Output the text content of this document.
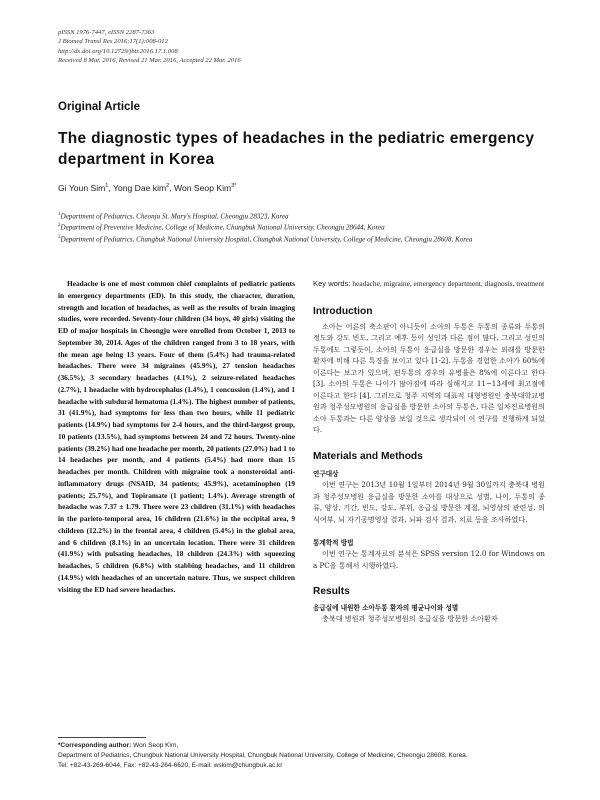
pISSN 1976-7447, eISSN 2287-7363
J Biomed Transl Res 2016;17(1):008-012
http://dx.doi.org/10.12729/jbtr.2016.17.1.008
Received 8 Mar. 2016, Revised 21 Mar. 2016, Accepted 22 Mar. 2016
Original Article
The diagnostic types of headaches in the pediatric emergency department in Korea
Gi Youn Sim$^1$, Yong Dae kim$^2$, Won Seop Kim$^{3*}$
$^1$Department of Pediatrics, Cheonju St. Mary's Hospital, Cheongju 28323, Korea
$^2$Department of Preventive Medicine, College of Medicine, Chungbuk National University, Cheongju 28644, Korea
$^3$Department of Pediatrics, Chungbuk National University Hospital, Chungbuk National University, College of Medicine, Cheongju 28608, Korea
Headache is one of most common chief complaints of pediatric patients in emergency departments (ED). In this study, the character, duration, strength and location of headaches, as well as the results of brain imaging studies, were recorded. Seventy-four children (34 boys, 40 girls) visiting the ED of major hospitals in Cheongju were enrolled from October 1, 2013 to September 30, 2014. Ages of the children ranged from 3 to 18 years, with the mean age being 13 years. Four of them (5.4%) had trauma-related headaches. There were 34 migraines (45.9%), 27 tension headaches (36.5%), 3 secondary headaches (4.1%), 2 seizure-related headaches (2.7%), 1 headache with hydrocephalus (1.4%), 1 concussion (1.4%), and 1 headache with subdural hematoma (1.4%). The highest number of patients, 31 (41.9%), had symptoms for less than two hours, while 11 pediatric patients (14.9%) had symptoms for 2-4 hours, and the third-largest group, 10 patients (13.5%), had symptoms between 24 and 72 hours. Twenty-nine patients (39.2%) had one headache per month, 20 patients (27.0%) had 1 to 14 headaches per month, and 4 patients (5.4%) had more than 15 headaches per month. Children with migraine took a nonsteroidal anti-inflammatory drugs (NSAID, 34 patients; 45.9%), acetaminophen (19 patients; 25.7%), and Topiramate (1 patient; 1.4%). Average strength of headache was 7.37 ± 1.79. There were 23 children (31.1%) with headaches in the parieto-temporal area, 16 children (21.6%) in the occipital area, 9 children (12.2%) in the frontal area, 4 children (5.4%) in the global area, and 6 children (8.1%) in an uncertain location. There were 31 children (41.9%) with pulsating headaches, 18 children (24.3%) with squeezing headaches, 5 children (6.8%) with stabbing headaches, and 11 children (14.9%) with headaches of an uncertain nature. Thus, we suspect children visiting the ED had severe headaches.
Key words: headache, migraine, emergency department, diagnosis, treatment
Introduction

소아는 어른의 축소판이 아니듯이 소아의 두통은 두통의 종류와 두통의 정도와 강도 빈도, 그리고 예후 등이 성인과 다른 점이 많다. 그리고 성인의 두통에도 그렇듯이, 소아의 두통이 응급실을 방문한 경우는 외래를 방문한 환자에 비해 다른 특징을 보이고 있다 [1-2]. 두통을 경험한 소아가 60%에 이른다는 보고가 있으며, 편두통의 경우의 유병율은 8%에 이른다고 한다 [3]. 소아의 두통은 나이가 많아짐에 따라 심해지고 11~13세에 최고점에 이른다고 한다 [4]. 그러므로 청주 지역의 대표적 대형병원인 충북대학교병원과 청주성모병원의 응급실을 방문한 소아의 두통은, 다른 일차진료병원의 소아 두통과는 다른 양상을 보일 것으로 생각되어 이 연구를 진행하게 되었다.

Materials and Methods
연구대상

이번 연구는 2013년 10월 1일부터 2014년 9월 30일까지 충북대 병원과 청주성모병원 응급실을 방문한 소아를 대상으로 성별, 나이, 두통의 종류, 양상, 기간, 빈도, 강도, 부위, 응급실 방문한 계절, 뇌영상의 관련성, 의식여부, 뇌 자기공명영상 결과, 뇌파 검사 결과, 치료 등을 조사하였다.

통계학적 방법

이번 연구는 통계자료의 분석은 SPSS version 12.0 for Windows on a PC을 통해서 시행하였다.

Results
응급실에 내원한 소아두통 환자의 평균나이와 성별

충북대 병원과 청주성모병원의 응급실을 방문한 소아환자

*Corresponding author: Won Seop Kim,
Department of Pediatrics, Chungbuk National University Hospital, Chungbuk National University, College of Medicine, Cheongju 28608, Korea.
Tel: +82-43-269-6044, Fax: +82-43-264-6620, E-mail: wskim@chungbuk.ac.kr
